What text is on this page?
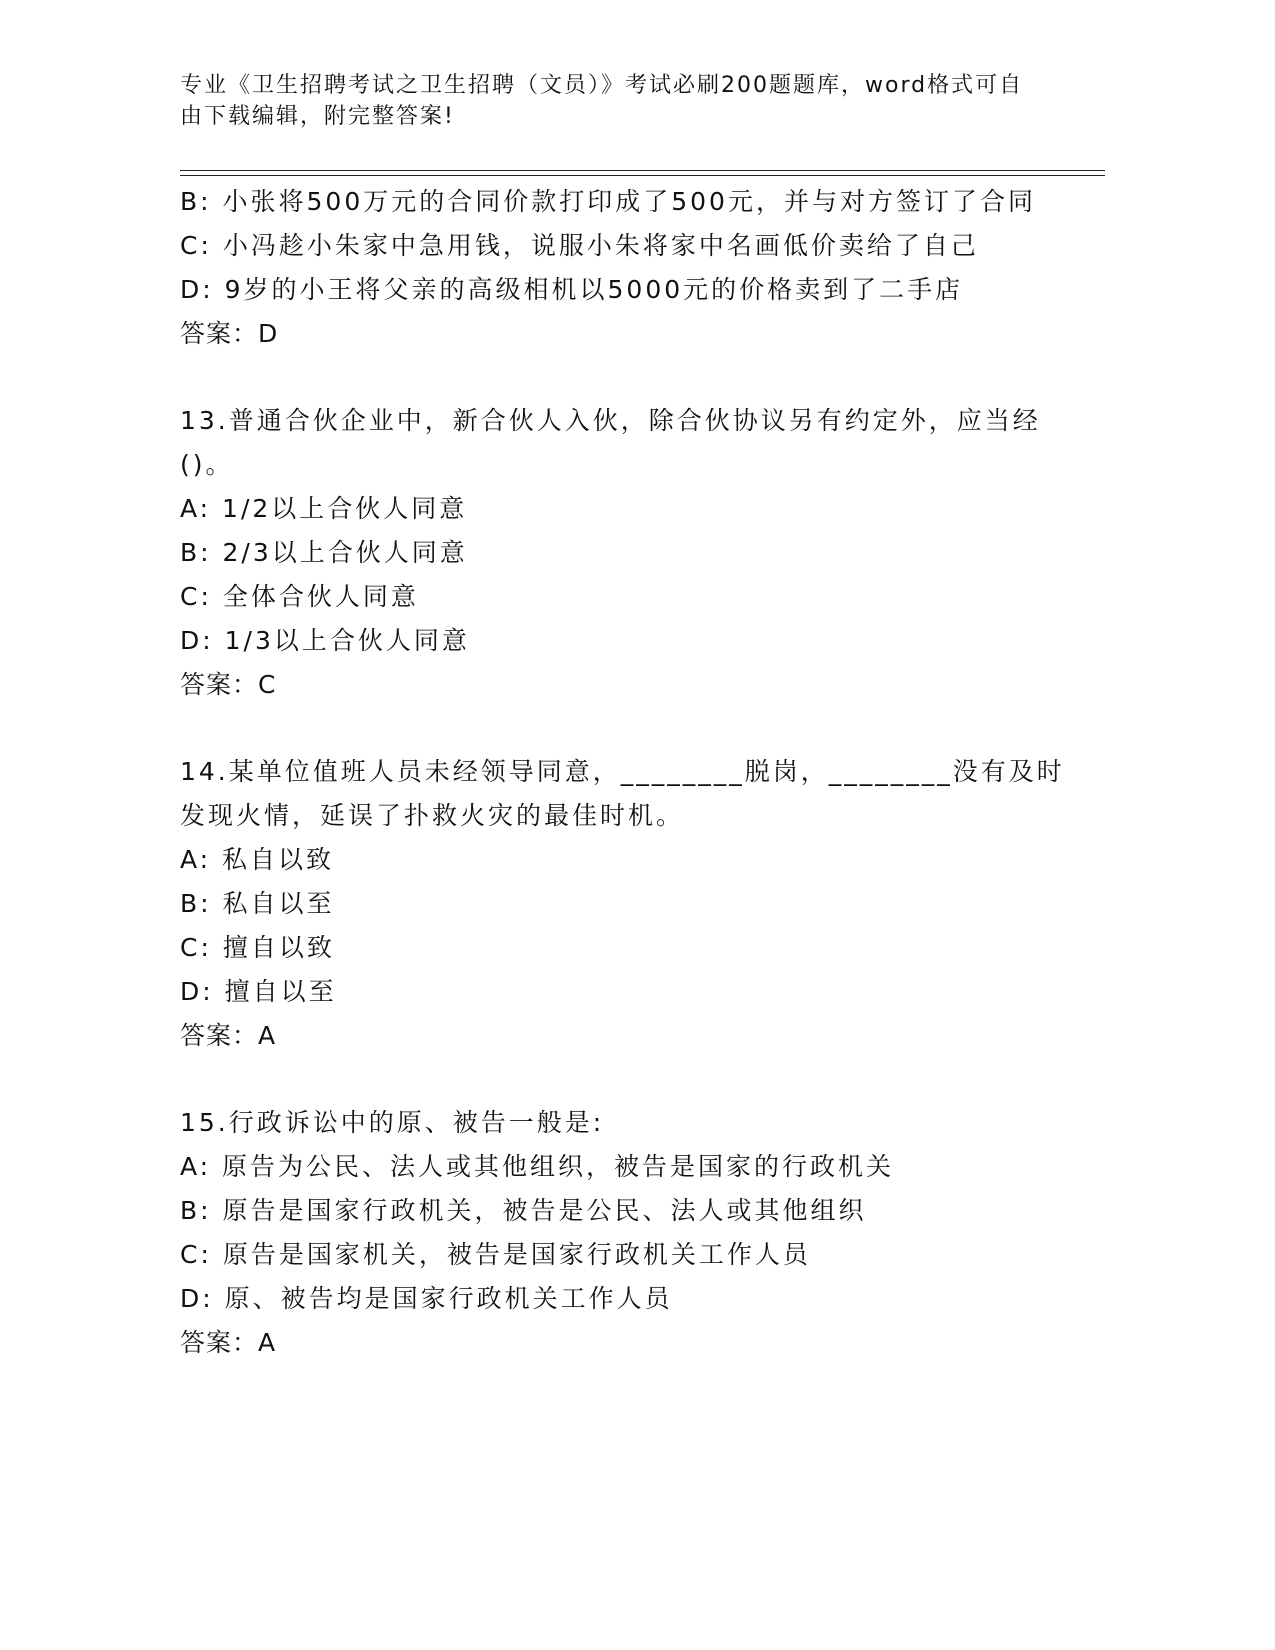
专业《卫生招聘考试之卫生招聘（文员）》考试必刷200题题库，word格式可自
由下载编辑，附完整答案!
B: 小张将500万元的合同价款打印成了500元，并与对方签订了合同
C: 小冯趁小朱家中急用钱，说服小朱将家中名画低价卖给了自己
D: 9岁的小王将父亲的高级相机以5000元的价格卖到了二手店
答案：D
13.普通合伙企业中，新合伙人入伙，除合伙协议另有约定外，应当经
()。
A: 1/2以上合伙人同意
B: 2/3以上合伙人同意
C: 全体合伙人同意
D: 1/3以上合伙人同意
答案：C
14.某单位值班人员未经领导同意，________脱岗，________没有及时
发现火情，延误了扑救火灾的最佳时机。
A: 私自以致
B: 私自以至
C: 擅自以致
D: 擅自以至
答案：A
15.行政诉讼中的原、被告一般是:
A: 原告为公民、法人或其他组织，被告是国家的行政机关
B: 原告是国家行政机关，被告是公民、法人或其他组织
C: 原告是国家机关，被告是国家行政机关工作人员
D: 原、被告均是国家行政机关工作人员
答案：A
